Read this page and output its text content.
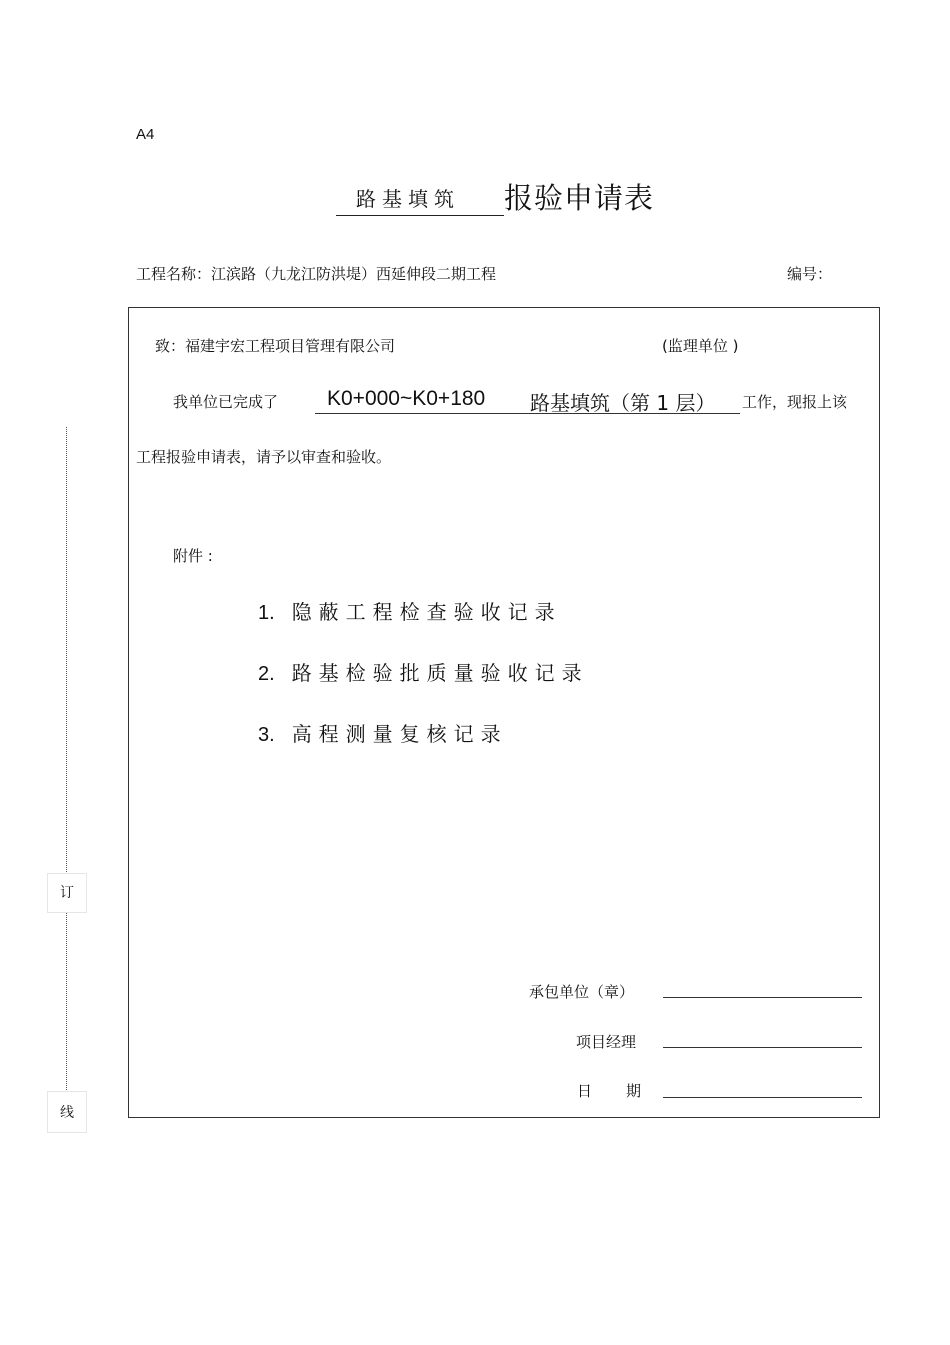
A4
路基填筑 报验申请表
工程名称：江滨路（九龙江防洪堤）西延伸段二期工程	编号：
致：福建宇宏工程项目管理有限公司	(监理单位 )
我单位已完成了 K0+000~K0+180 路基填筑（第 1 层） 工作，现报上该
工程报验申请表，请予以审查和验收。
附件 :
1. 隐蔽工程检查验收记录
2. 路基检验批质量验收记录
3. 高程测量复核记录
承包单位（章）
项目经理
日期
订
线
